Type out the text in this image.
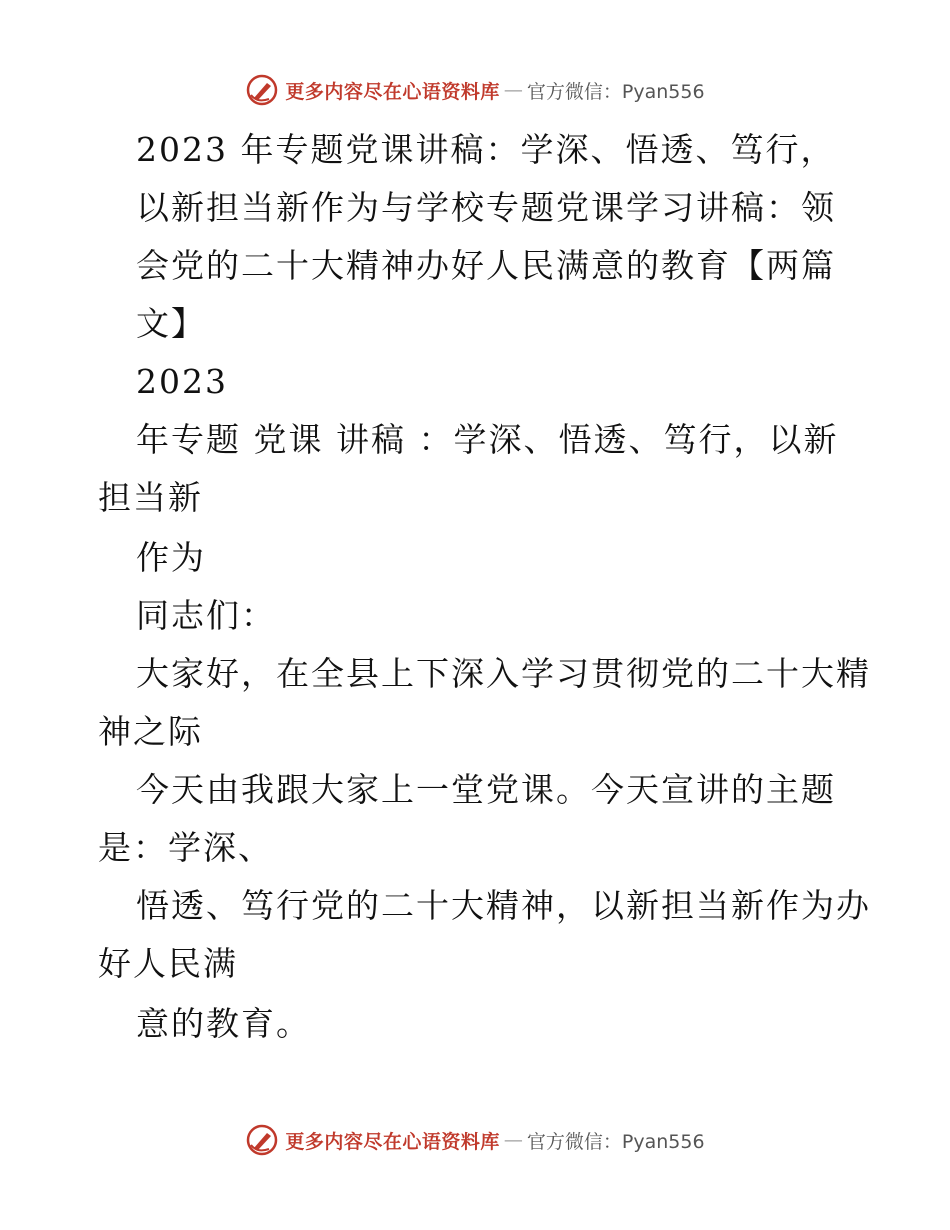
更多内容尽在心语资料库 — 官方微信：Pyan556
2023 年专题党课讲稿：学深、悟透、笃行，
以新担当新作为与学校专题党课学习讲稿：领
会党的二十大精神办好人民满意的教育【两篇
文】
2023
年专题 党课 讲稿 ：学深、悟透、笃行，以新
担当新
作为
同志们：
大家好，在全县上下深入学习贯彻党的二十大精
神之际
今天由我跟大家上一堂党课。今天宣讲的主题
是：学深、
悟透、笃行党的二十大精神，以新担当新作为办
好人民满
意的教育。
更多内容尽在心语资料库 — 官方微信：Pyan556
